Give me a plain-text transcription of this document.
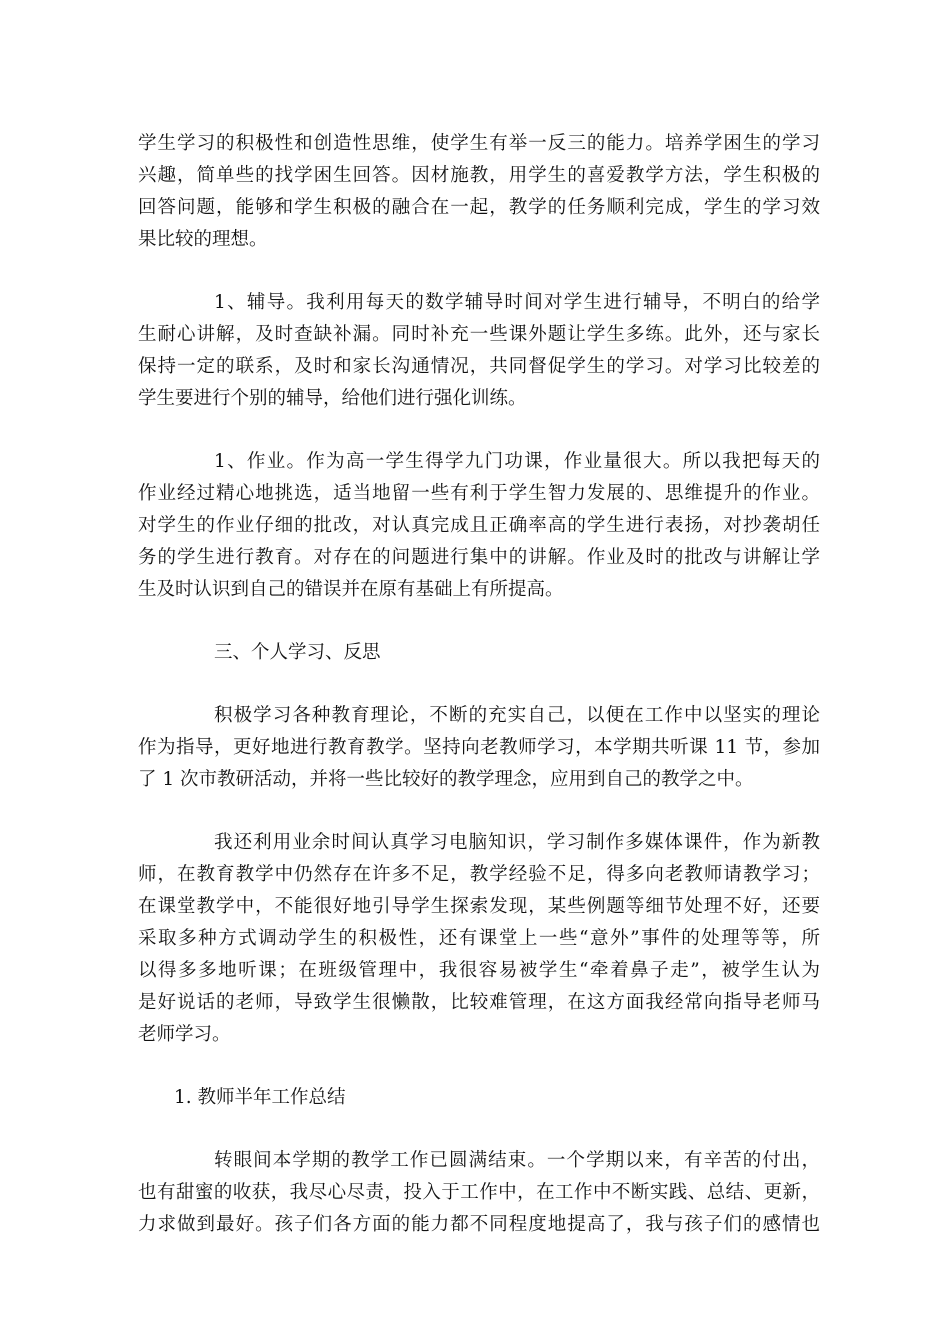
学生学习的积极性和创造性思维，使学生有举一反三的能力。培养学困生的学习
兴趣，简单些的找学困生回答。因材施教，用学生的喜爱教学方法，学生积极的
回答问题，能够和学生积极的融合在一起，教学的任务顺利完成，学生的学习效
果比较的理想。
1、辅导。我利用每天的数学辅导时间对学生进行辅导，不明白的给学
生耐心讲解，及时查缺补漏。同时补充一些课外题让学生多练。此外，还与家长
保持一定的联系，及时和家长沟通情况，共同督促学生的学习。对学习比较差的
学生要进行个别的辅导，给他们进行强化训练。
1、作业。作为高一学生得学九门功课，作业量很大。所以我把每天的
作业经过精心地挑选，适当地留一些有利于学生智力发展的、思维提升的作业。
对学生的作业仔细的批改，对认真完成且正确率高的学生进行表扬，对抄袭胡任
务的学生进行教育。对存在的问题进行集中的讲解。作业及时的批改与讲解让学
生及时认识到自己的错误并在原有基础上有所提高。
三、个人学习、反思
积极学习各种教育理论，不断的充实自己，以便在工作中以坚实的理论
作为指导，更好地进行教育教学。坚持向老教师学习，本学期共听课 11 节，参加
了 1 次市教研活动，并将一些比较好的教学理念，应用到自己的教学之中。
我还利用业余时间认真学习电脑知识，学习制作多媒体课件，作为新教
师，在教育教学中仍然存在许多不足，教学经验不足，得多向老教师请教学习；
在课堂教学中，不能很好地引导学生探索发现，某些例题等细节处理不好，还要
采取多种方式调动学生的积极性，还有课堂上一些“意外”事件的处理等等，所
以得多多地听课；在班级管理中，我很容易被学生“牵着鼻子走”，被学生认为
是好说话的老师，导致学生很懒散，比较难管理，在这方面我经常向指导老师马
老师学习。
1. 教师半年工作总结
转眼间本学期的教学工作已圆满结束。一个学期以来，有辛苦的付出，
也有甜蜜的收获，我尽心尽责，投入于工作中，在工作中不断实践、总结、更新，
力求做到最好。孩子们各方面的能力都不同程度地提高了，我与孩子们的感情也
